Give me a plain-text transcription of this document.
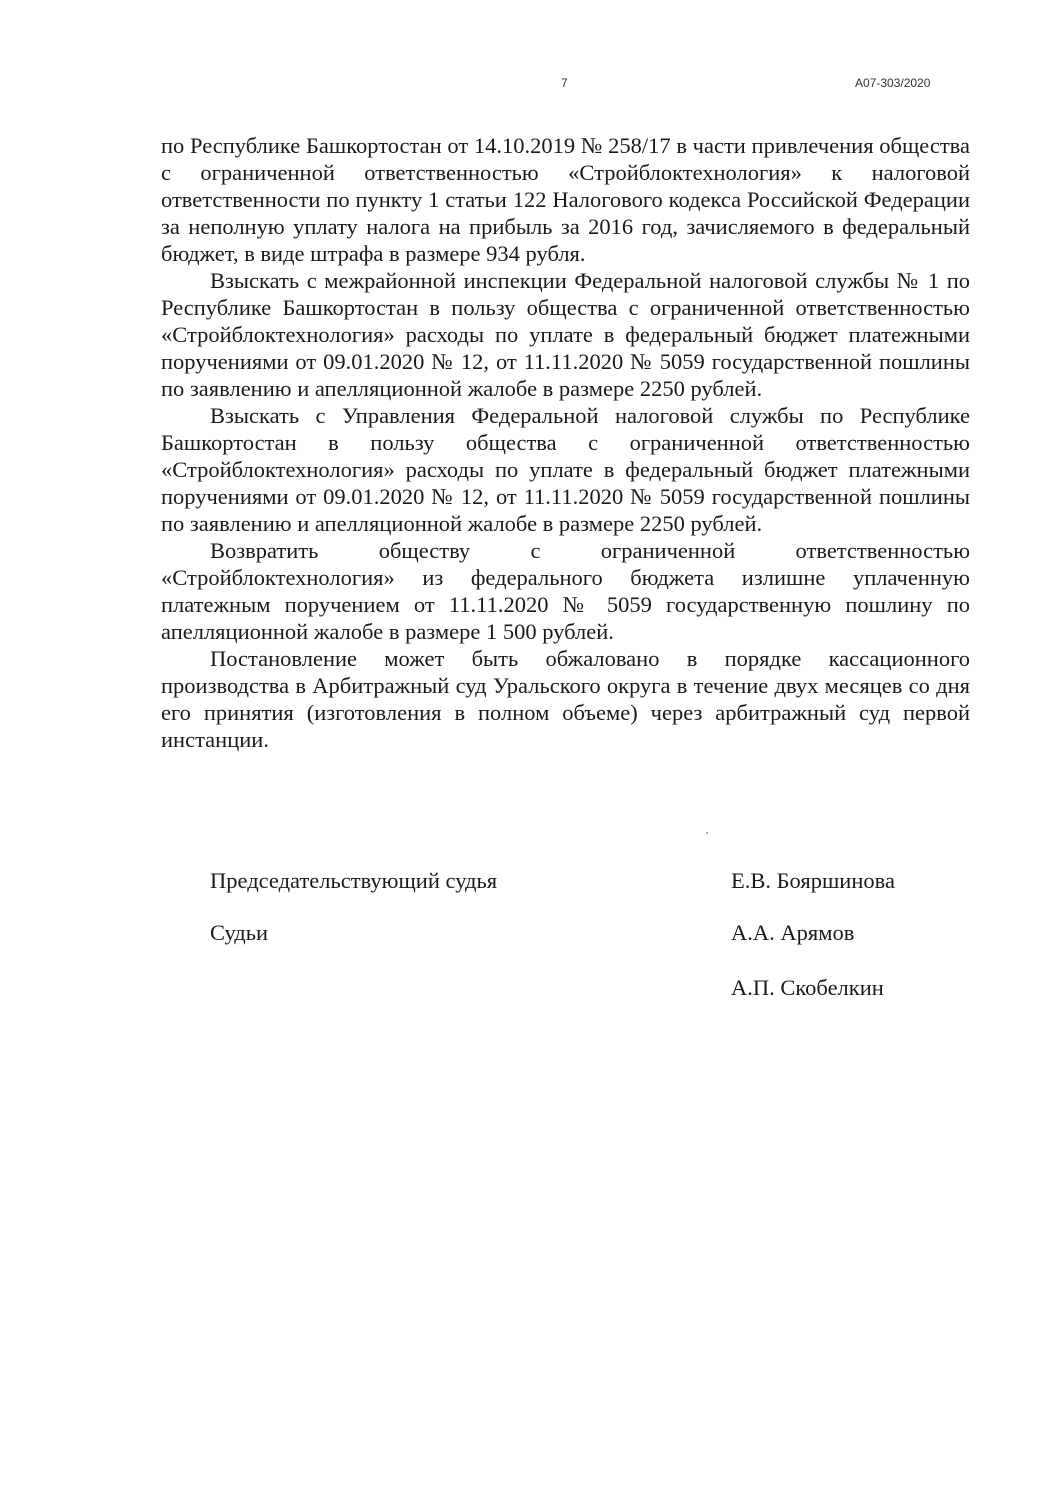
7	А07-303/2020

по Республике Башкортостан от 14.10.2019 № 258/17 в части привлечения общества с ограниченной ответственностью «Стройблоктехнология» к налоговой ответственности по пункту 1 статьи 122 Налогового кодекса Российской Федерации за неполную уплату налога на прибыль за 2016 год, зачисляемого в федеральный бюджет, в виде штрафа в размере 934 рубля.

Взыскать с межрайонной инспекции Федеральной налоговой службы № 1 по Республике Башкортостан в пользу общества с ограниченной ответственностью «Стройблоктехнология» расходы по уплате в федеральный бюджет платежными поручениями от 09.01.2020 № 12, от 11.11.2020 № 5059 государственной пошлины по заявлению и апелляционной жалобе в размере 2250 рублей.

Взыскать с Управления Федеральной налоговой службы по Республике Башкортостан в пользу общества с ограниченной ответственностью «Стройблоктехнология» расходы по уплате в федеральный бюджет платежными поручениями от 09.01.2020 № 12, от 11.11.2020 № 5059 государственной пошлины по заявлению и апелляционной жалобе в размере 2250 рублей.

Возвратить обществу с ограниченной ответственностью «Стройблоктехнология» из федерального бюджета излишне уплаченную платежным поручением от 11.11.2020 № 5059 государственную пошлину по апелляционной жалобе в размере 1 500 рублей.

Постановление может быть обжаловано в порядке кассационного производства в Арбитражный суд Уральского округа в течение двух месяцев со дня его принятия (изготовления в полном объеме) через арбитражный суд первой инстанции.

Председательствующий судья	Е.В. Бояршинова
Судьи	А.А. Арямов
А.П. Скобелкин
